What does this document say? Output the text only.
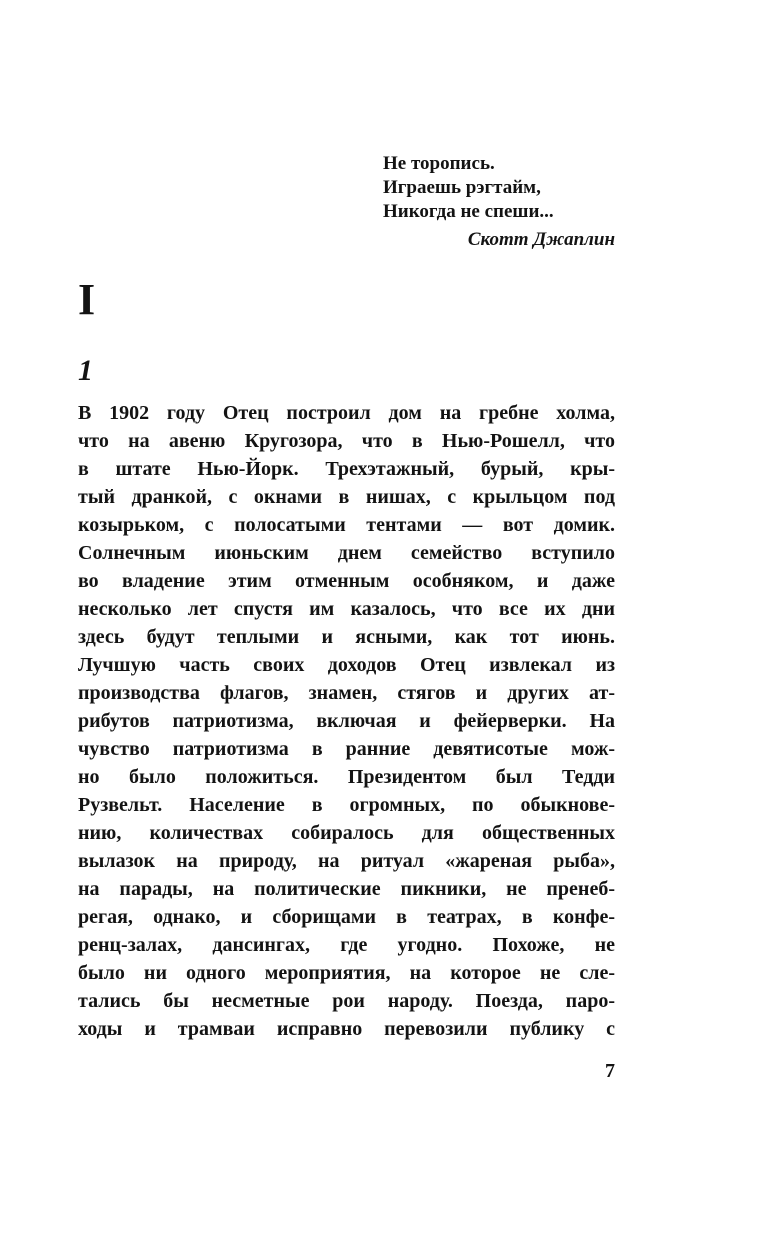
Не торопись.
Играешь рэгтайм,
Никогда не спеши...
Скотт Джаплин
I
1
В 1902 году Отец построил дом на гребне холма,
что на авеню Кругозора, что в Нью-Рошелл, что
в штате Нью-Йорк. Трехэтажный, бурый, кры-
тый дранкой, с окнами в нишах, с крыльцом под
козырьком, с полосатыми тентами — вот домик.
Солнечным июньским днем семейство вступило
во владение этим отменным особняком, и даже
несколько лет спустя им казалось, что все их дни
здесь будут теплыми и ясными, как тот июнь.
Лучшую часть своих доходов Отец извлекал из
производства флагов, знамен, стягов и других ат-
рибутов патриотизма, включая и фейерверки. На
чувство патриотизма в ранние девятисотые мож-
но было положиться. Президентом был Тедди
Рузвельт. Население в огромных, по обыкнове-
нию, количествах собиралось для общественных
вылазок на природу, на ритуал «жареная рыба»,
на парады, на политические пикники, не пренеб-
регая, однако, и сборищами в театрах, в конфе-
ренц-залах, дансингах, где угодно. Похоже, не
было ни одного мероприятия, на которое не сле-
тались бы несметные рои народу. Поезда, паро-
ходы и трамваи исправно перевозили публику с
7
